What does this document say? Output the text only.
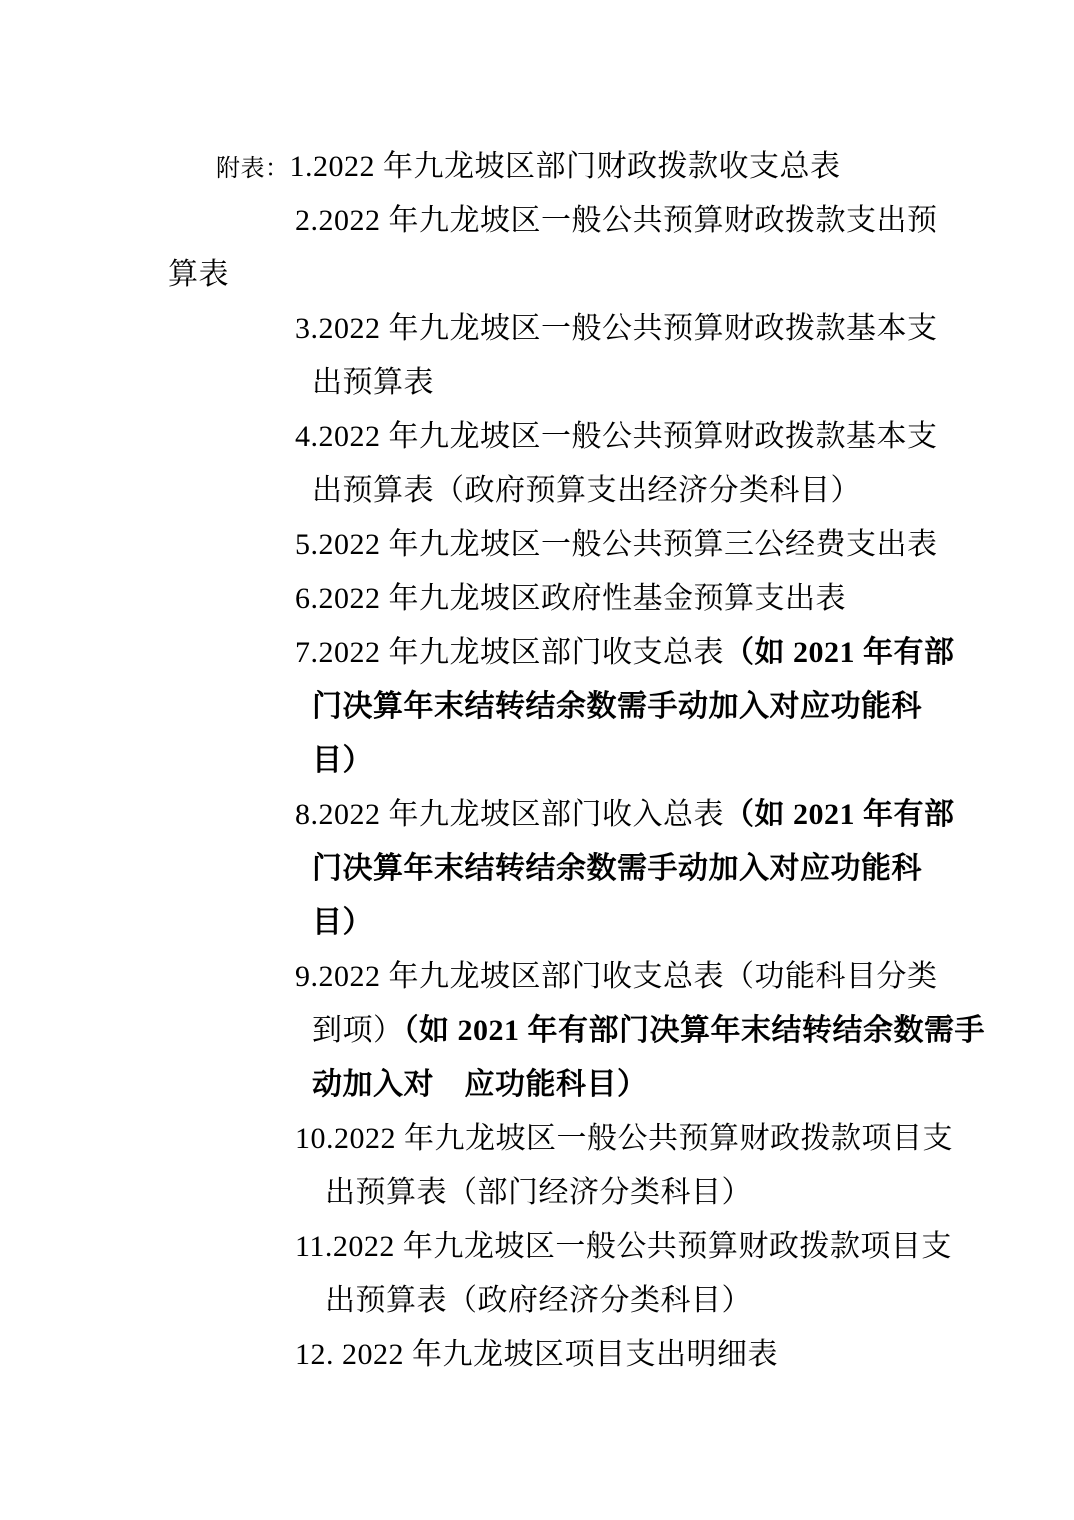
附表：1.2022 年九龙坡区部门财政拨款收支总表
2.2022 年九龙坡区一般公共预算财政拨款支出预
算表
3.2022 年九龙坡区一般公共预算财政拨款基本支
出预算表
4.2022 年九龙坡区一般公共预算财政拨款基本支
出预算表（政府预算支出经济分类科目）
5.2022 年九龙坡区一般公共预算三公经费支出表
6.2022 年九龙坡区政府性基金预算支出表
7.2022 年九龙坡区部门收支总表（如 2021 年有部
门决算年末结转结余数需手动加入对应功能科
目）
8.2022 年九龙坡区部门收入总表（如 2021 年有部
门决算年末结转结余数需手动加入对应功能科
目）
9.2022 年九龙坡区部门收支总表（功能科目分类
到项）（如 2021 年有部门决算年末结转结余数需手
动加入对　应功能科目）
10.2022 年九龙坡区一般公共预算财政拨款项目支
出预算表（部门经济分类科目）
11.2022 年九龙坡区一般公共预算财政拨款项目支
出预算表（政府经济分类科目）
12. 2022 年九龙坡区项目支出明细表
